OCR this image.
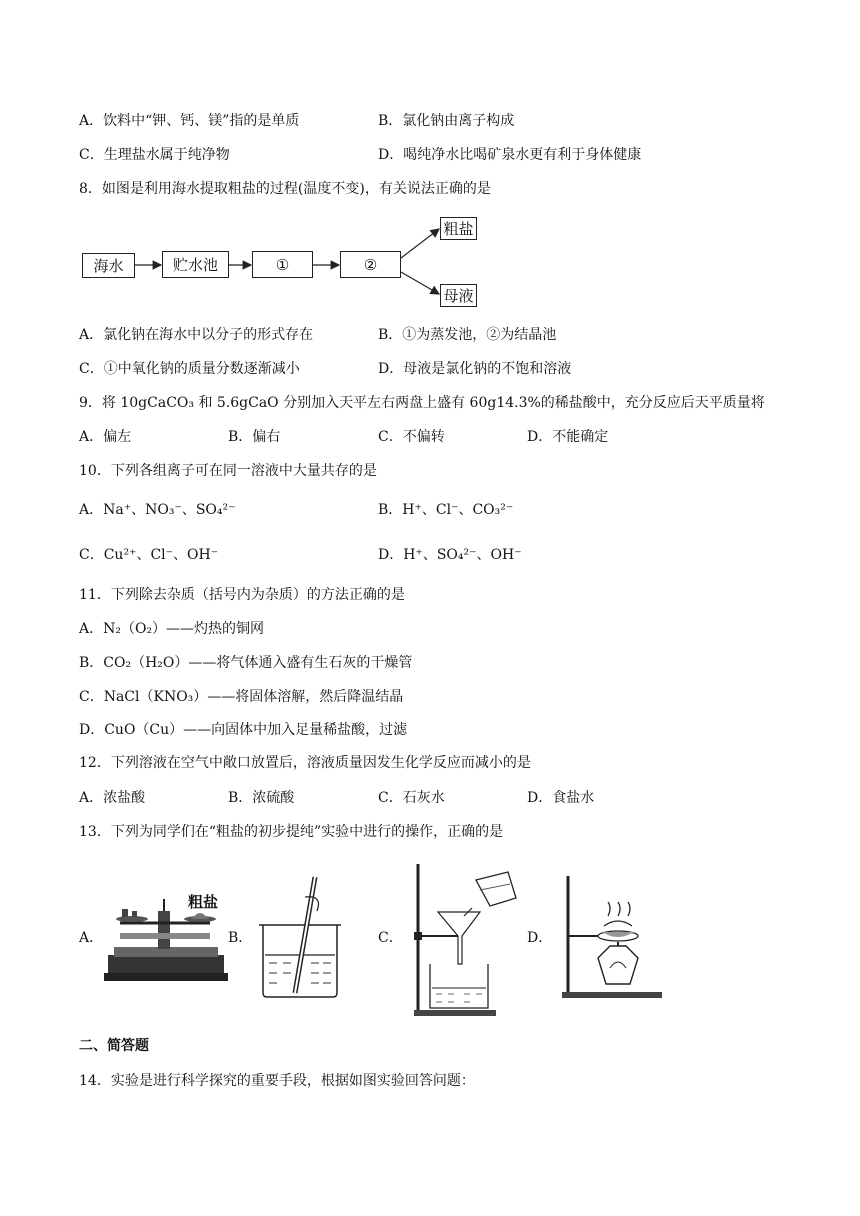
A．饮料中“钾、钙、镁”指的是单质	B．氯化钠由离子构成
C．生理盐水属于纯净物	D．喝纯净水比喝矿泉水更有利于身体健康
8．如图是利用海水提取粗盐的过程(温度不变)，有关说法正确的是
海水	贮水池	①	②
粗盐
母液
A．氯化钠在海水中以分子的形式存在	B．①为蒸发池，②为结晶池
C．①中氧化钠的质量分数逐渐减小	D．母液是氯化钠的不饱和溶液
9．将 10gCaCO₃ 和 5.6gCaO 分别加入天平左右两盘上盛有 60g14.3%的稀盐酸中，充分反应后天平质量将
A．偏左	B．偏右	C．不偏转	D．不能确定
10．下列各组离子可在同一溶液中大量共存的是
A．Na⁺、NO₃⁻、SO₄²⁻	B．H⁺、Cl⁻、CO₃²⁻
C．Cu²⁺、Cl⁻、OH⁻	D．H⁺、SO₄²⁻、OH⁻
11．下列除去杂质（括号内为杂质）的方法正确的是
A．N₂（O₂）——灼热的铜网
B．CO₂（H₂O）——将气体通入盛有生石灰的干燥管
C．NaCl（KNO₃）——将固体溶解，然后降温结晶
D．CuO（Cu）——向固体中加入足量稀盐酸，过滤
12．下列溶液在空气中敞口放置后，溶液质量因发生化学反应而减小的是
A．浓盐酸	B．浓硫酸	C．石灰水	D．食盐水
13．下列为同学们在“粗盐的初步提纯”实验中进行的操作，正确的是
A．	B．	C．	D．
粗盐
二、简答题
14．实验是进行科学探究的重要手段，根据如图实验回答问题：
